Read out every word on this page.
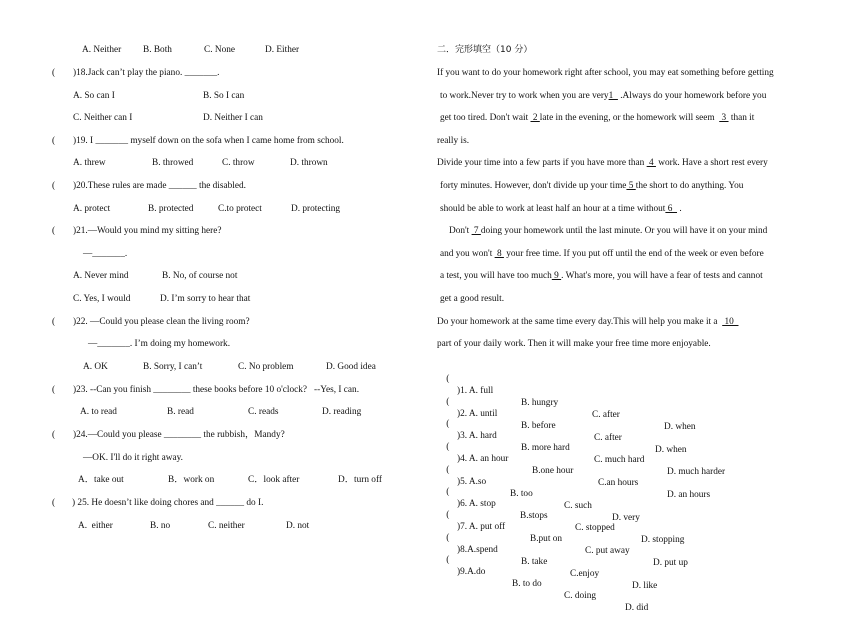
A. Neither B. Both	C. None	D. Either
( )18.Jack can’t play the piano. _______.
A. So can I	B. So I can
C. Neither can I	D. Neither I can
( )19. I _______ myself down on the sofa when I came home from school.
A. threw	B. throwed	C. throw	D. thrown
( )20.These rules are made ______ the disabled.
A. protect	B. protected	C.to protect	D. protecting
( )21.—Would you mind my sitting here?
—_______.
A. Never mind	B. No, of course not
C. Yes, I would	D. I’m sorry to hear that
( )22. —Could you please clean the living room?
—_______. I’m doing my homework.
A. OK	B. Sorry, I can’t	C. No problem	D. Good idea
( )23. --Can you finish ________ these books before 10 o'clock?   --Yes, I can.
A. to read	B. read	C. reads	D. reading
( )24.—Could you please ________ the rubbish，Mandy?
—OK. I'll do it right away.
A．take out	B．work on	C．look after	D．turn off
( ) 25. He doesn’t like doing chores and ______ do I.
A.  either	B. no	C. neither	D. not
二．完形填空（10 分）
If you want to do your homework right after school, you may eat something before getting
to work.Never try to work when you are very1   .Always do your homework before you
get too tired. Don't wait  2 late in the evening, or the homework will seem   3  than it
really is.
Divide your time into a few parts if you have more than  4  work. Have a short rest every
forty minutes. However, don't divide up your time 5 the short to do anything. You
should be able to work at least half an hour at a time without 6   .
Don't  7 doing your homework until the last minute. Or you will have it on your mind
and you won't  8  your free time. If you put off until the end of the week or even before
a test, you will have too much 9 . What's more, you will have a fear of tests and cannot
get a good result.
Do your homework at the same time every day.This will help you make it a   10
part of your daily work. Then it will make your free time more enjoyable.

(

)1. A. full

B. hungry

C. after

D. when

(

)2. A. until

B. before

C. after

D. when

(

)3. A. hard

B. more hard

C. much hard

D. much harder

(

)4. A. an hour

B.one hour

C.an hours

D. an hours

(

)5. A.so

B. too

C. such

D. very

(

)6. A. stop

B.stops

C. stopped

D. stopping

(

)7. A. put off

B.put on

C. put away

D. put up

(

)8.A.spend

B. take

C.enjoy

D. like

(

)9.A.do

B. to do

C. doing

D. did
